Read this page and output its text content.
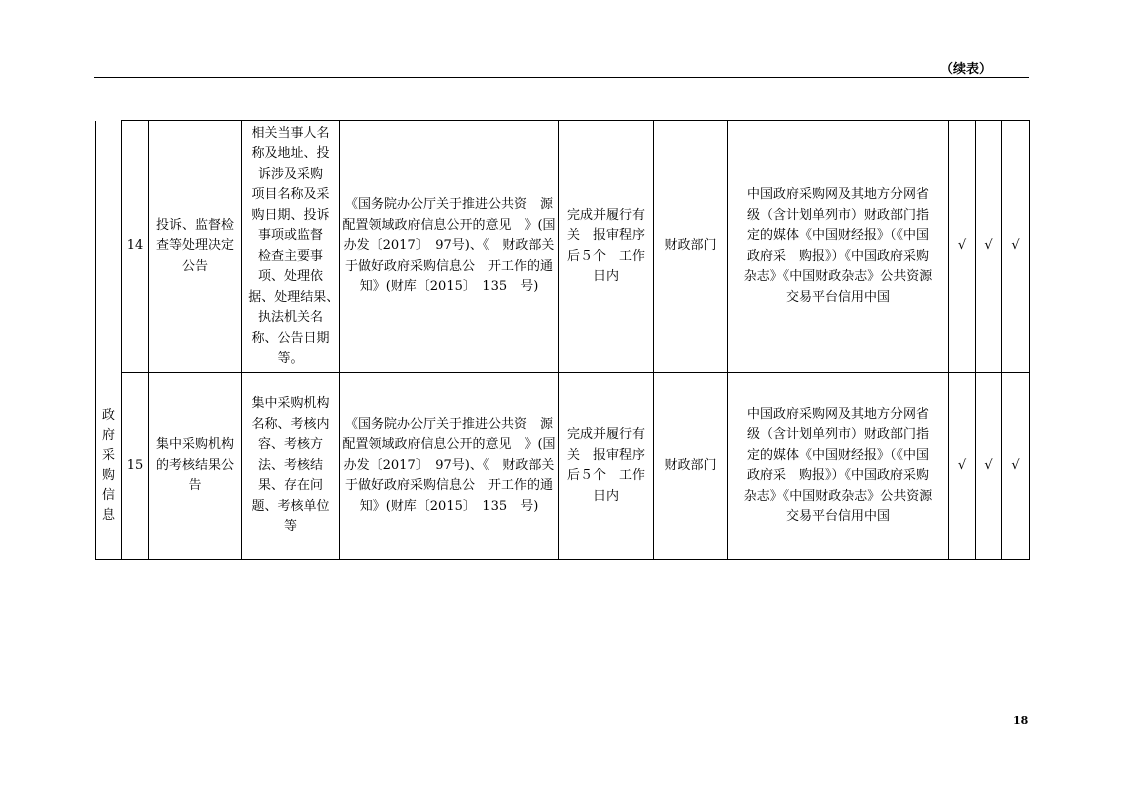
（续表）
	14	投诉、监督检　查等处理决定　公告	相关当事人名称及地址、投诉涉及采购　项目名称及采购日期、投诉事项或监督　检查主要事项、处理依据、处理结果、　执法机关名称、公告日期等。	《国务院办公厅关于推进公共资　源配置领域政府信息公开的意见　》(国办发〔2017〕　97号)、《　财政部关于做好政府采购信息公　开工作的通知》(财库〔2015〕　135　号)	完成并履行有关　报审程序后５个　工作日内	财政部门	中国政府采购网及其地方分网省级（含计划单列市）财政部门指定的媒体《中国财经报》（《中国政府采　购报》）《中国政府采购杂志》《中国财政杂志》公共资源交易平台信用中国	√	√	√

政府采购信息	15	集中采购机构　的考核结果公　告	集中采购机构名称、考核内容、考核方　法、考核结果、存在问题、考核单位等	《国务院办公厅关于推进公共资　源配置领域政府信息公开的意见　》(国办发〔2017〕　97号)、《　财政部关于做好政府采购信息公　开工作的通知》(财库〔2015〕　135　号)	完成并履行有关　报审程序后５个　工作日内	财政部门	中国政府采购网及其地方分网省级（含计划单列市）财政部门指定的媒体《中国财经报》（《中国政府采　购报》）《中国政府采购杂志》《中国财政杂志》公共资源交易平台信用中国	√	√	√
18
